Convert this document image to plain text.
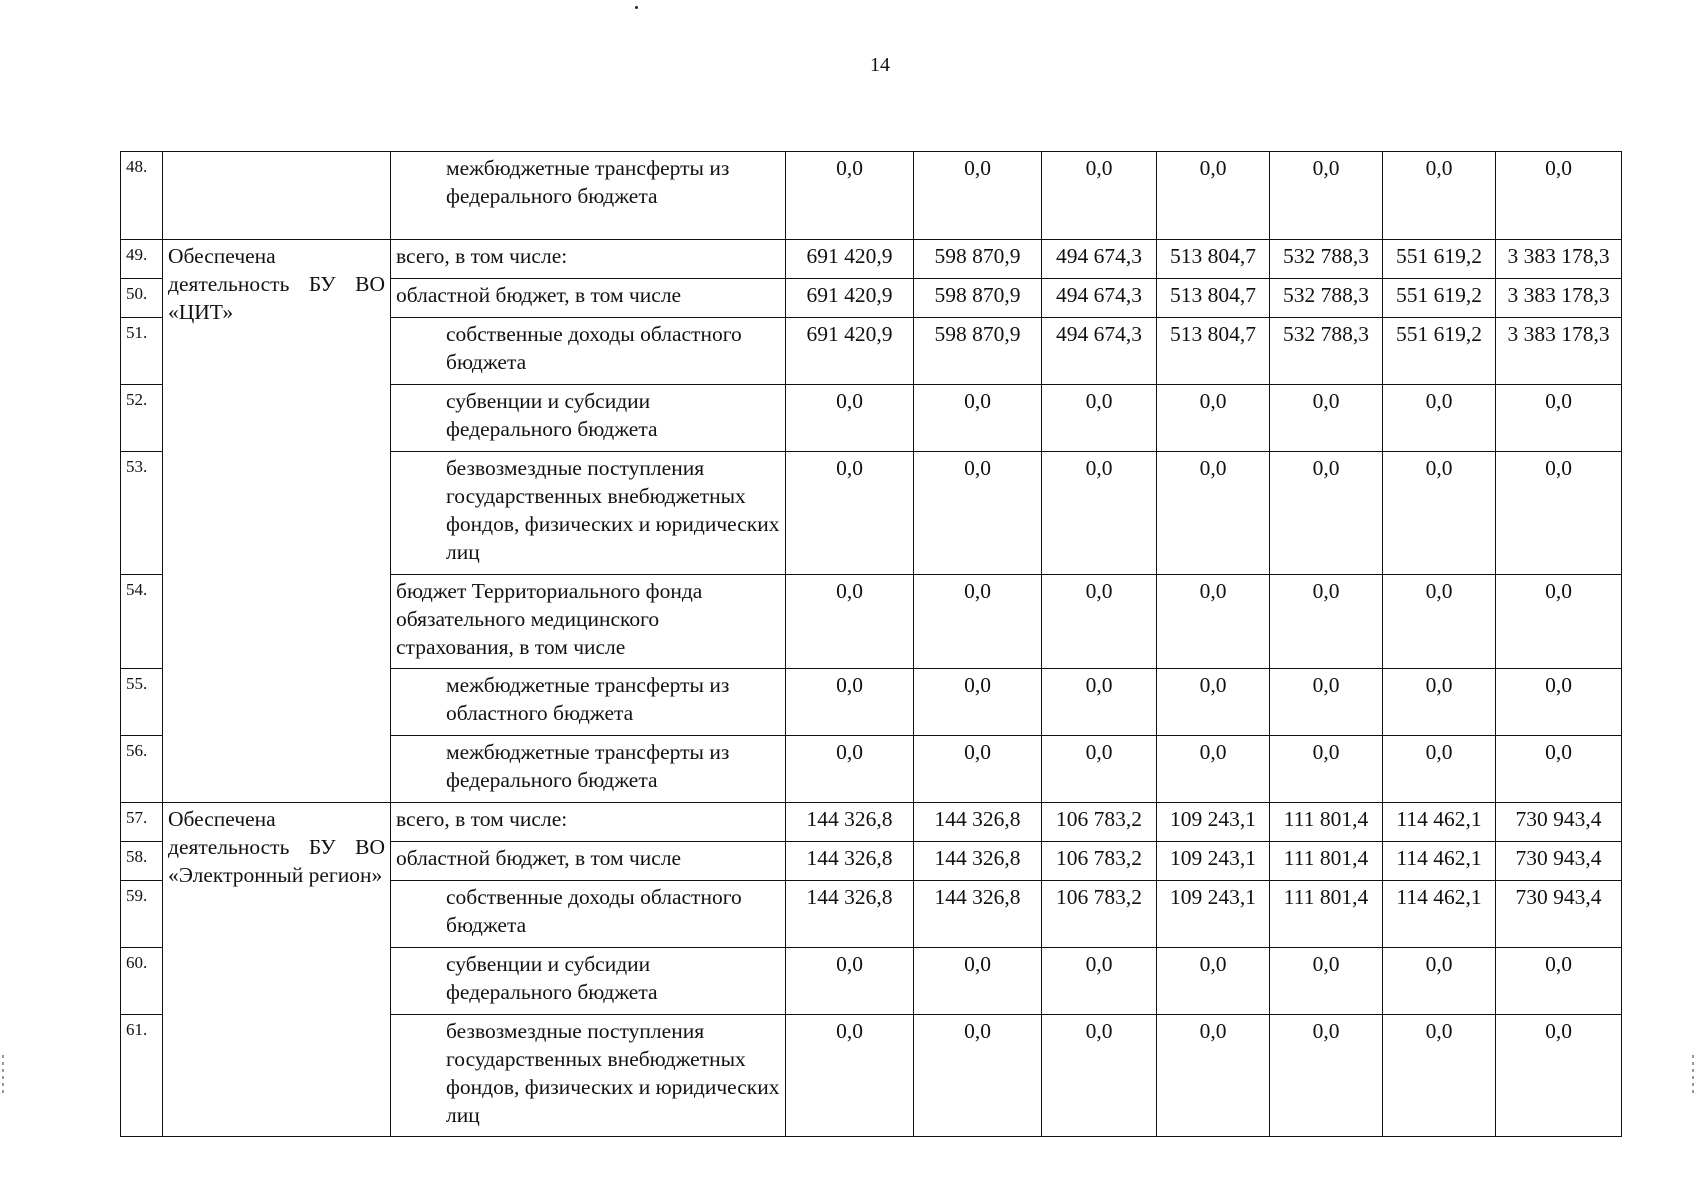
14
48.		межбюджетные трансферты из федерального бюджета	0,0	0,0	0,0	0,0	0,0	0,0	0,0
49.	Обеспечена деятельность БУ ВО «ЦИТ»	всего, в том числе:	691 420,9	598 870,9	494 674,3	513 804,7	532 788,3	551 619,2	3 383 178,3
50.		областной бюджет, в том числе	691 420,9	598 870,9	494 674,3	513 804,7	532 788,3	551 619,2	3 383 178,3
51.		собственные доходы областного бюджета	691 420,9	598 870,9	494 674,3	513 804,7	532 788,3	551 619,2	3 383 178,3
52.		субвенции и субсидии федерального бюджета	0,0	0,0	0,0	0,0	0,0	0,0	0,0
53.		безвозмездные поступления государственных внебюджетных фондов, физических и юридических лиц	0,0	0,0	0,0	0,0	0,0	0,0	0,0
54.		бюджет Территориального фонда обязательного медицинского страхования, в том числе	0,0	0,0	0,0	0,0	0,0	0,0	0,0
55.		межбюджетные трансферты из областного бюджета	0,0	0,0	0,0	0,0	0,0	0,0	0,0
56.		межбюджетные трансферты из федерального бюджета	0,0	0,0	0,0	0,0	0,0	0,0	0,0
57.	Обеспечена деятельность БУ ВО «Электронный регион»	всего, в том числе:	144 326,8	144 326,8	106 783,2	109 243,1	111 801,4	114 462,1	730 943,4
58.		областной бюджет, в том числе	144 326,8	144 326,8	106 783,2	109 243,1	111 801,4	114 462,1	730 943,4
59.		собственные доходы областного бюджета	144 326,8	144 326,8	106 783,2	109 243,1	111 801,4	114 462,1	730 943,4
60.		субвенции и субсидии федерального бюджета	0,0	0,0	0,0	0,0	0,0	0,0	0,0
61.		безвозмездные поступления государственных внебюджетных фондов, физических и юридических лиц	0,0	0,0	0,0	0,0	0,0	0,0	0,0
